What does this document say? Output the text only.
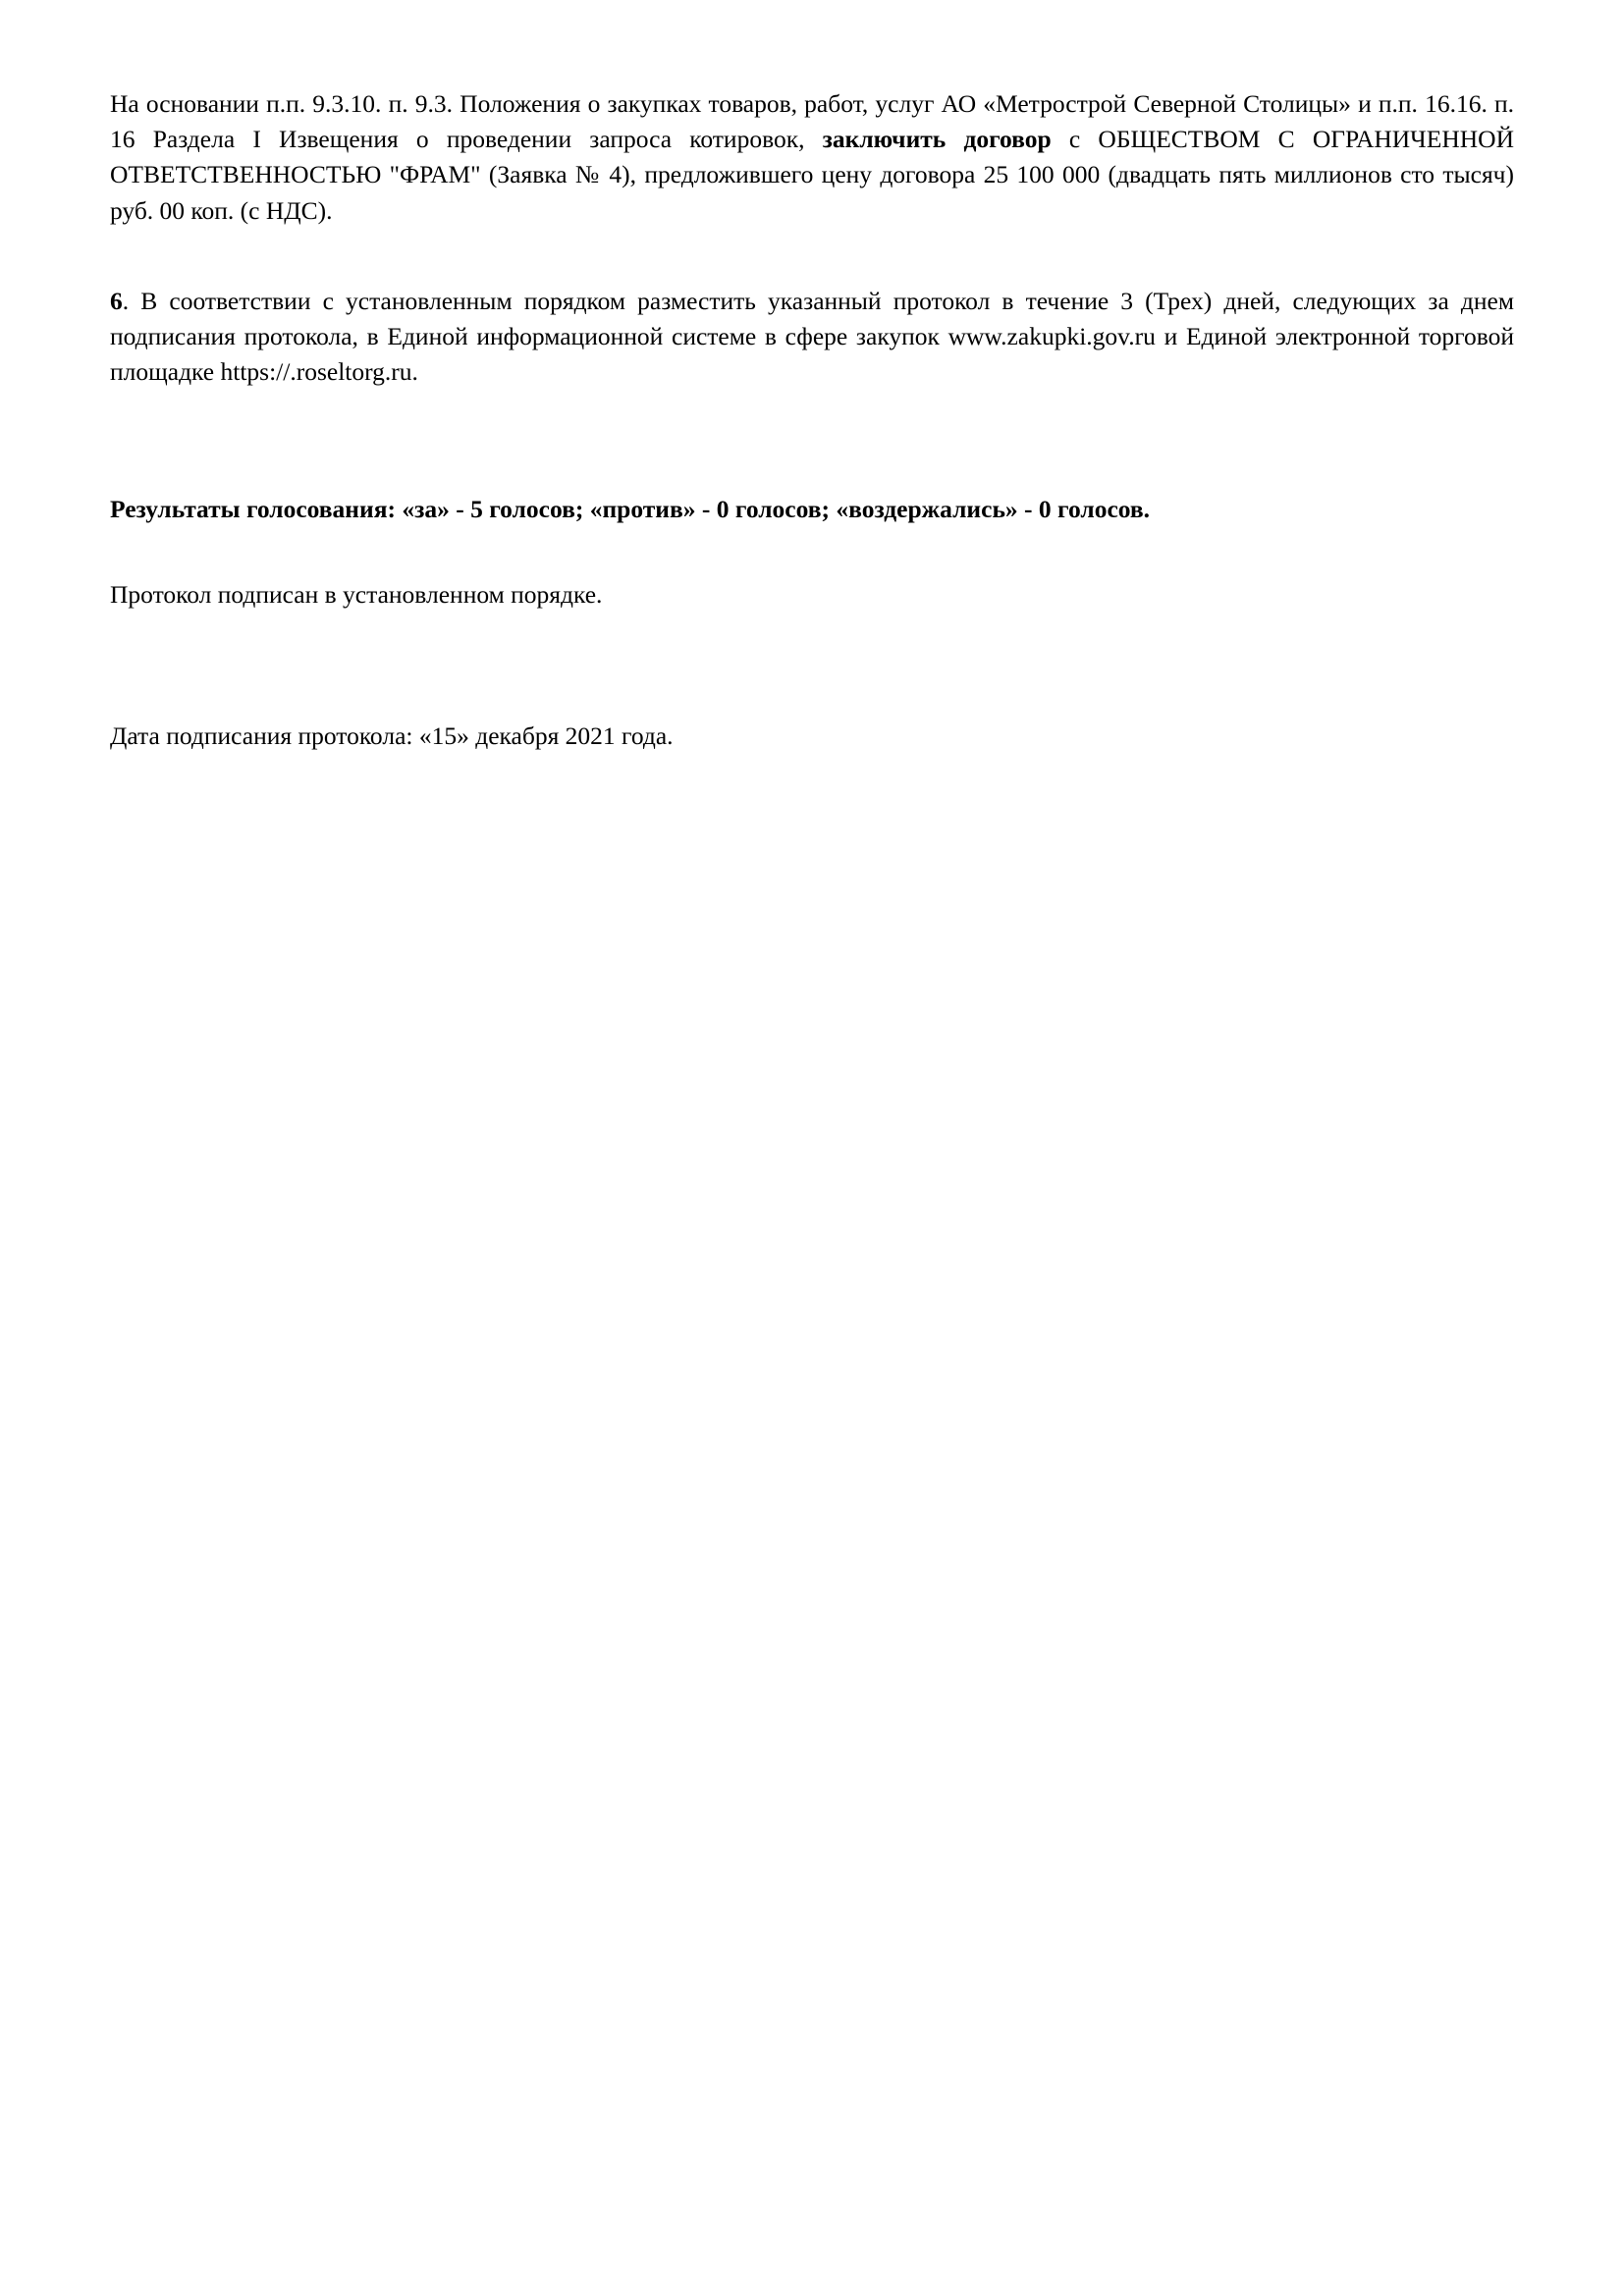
На основании п.п. 9.3.10. п. 9.3. Положения о закупках товаров, работ, услуг АО «Метрострой Северной Столицы» и п.п. 16.16. п. 16 Раздела I Извещения о проведении запроса котировок, заключить договор с ОБЩЕСТВОМ С ОГРАНИЧЕННОЙ ОТВЕТСТВЕННОСТЬЮ "ФРАМ" (Заявка № 4), предложившего цену договора 25 100 000 (двадцать пять миллионов сто тысяч) руб. 00 коп. (с НДС).

6. В соответствии с установленным порядком разместить указанный протокол в течение 3 (Трех) дней, следующих за днем подписания протокола, в Единой информационной системе в сфере закупок www.zakupki.gov.ru и Единой электронной торговой площадке https://.roseltorg.ru.

Результаты голосования: «за» - 5 голосов; «против» - 0 голосов; «воздержались» - 0 голосов.

Протокол подписан в установленном порядке.

Дата подписания протокола: «15» декабря 2021 года.
